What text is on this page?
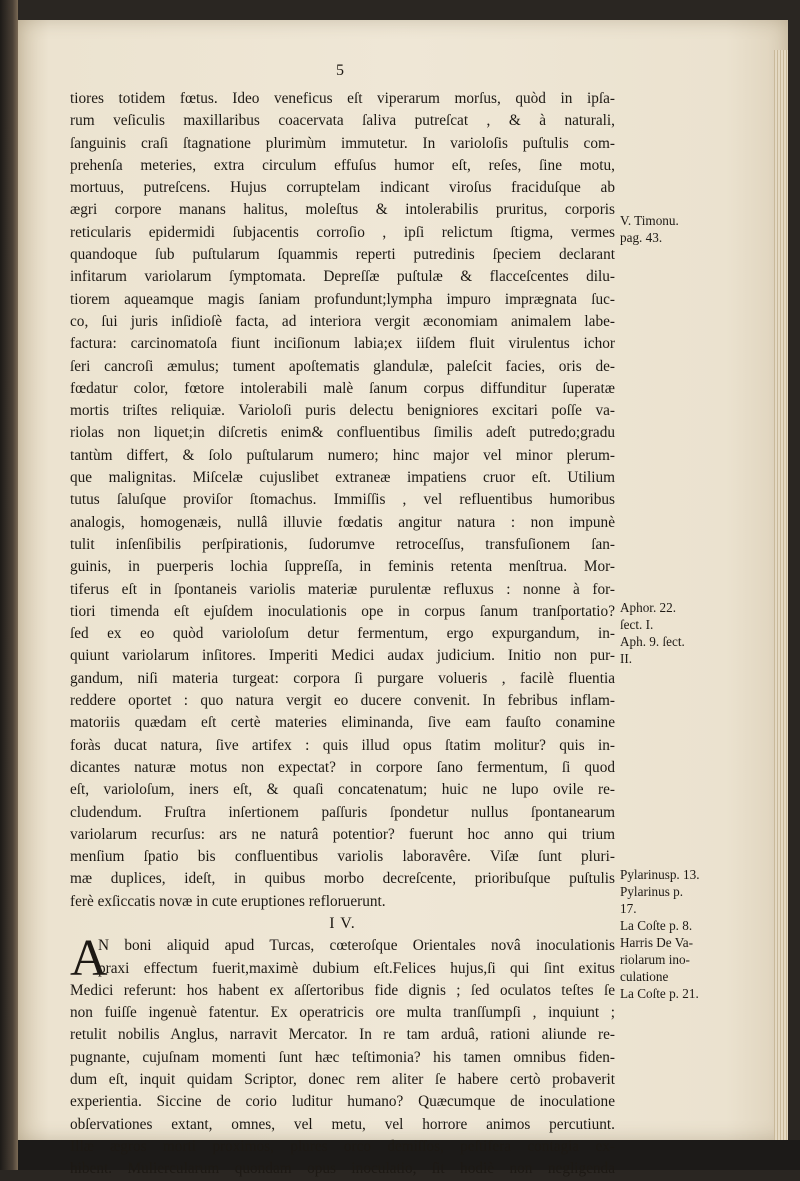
5
tiores totidem fœtus. Ideo veneficus eſt viperarum morſus, quòd in ipſa-
rum veſiculis maxillaribus coacervata ſaliva putreſcat , & à naturali,
ſanguinis craſi ſtagnatione plurimùm immutetur. In varioloſis puſtulis com-
prehenſa meteries, extra circulum effuſus humor eſt, reſes, ſine motu,
mortuus, putreſcens. Hujus corruptelam indicant viroſus fraciduſque ab
ægri corpore manans halitus, moleſtus & intolerabilis pruritus, corporis
reticularis epidermidi ſubjacentis corroſio , ipſi relictum ſtigma, vermes
quandoque ſub puſtularum ſquammis reperti putredinis ſpeciem declarant
infitarum variolarum ſymptomata. Depreſſæ puſtulæ & flacceſcentes dilu-
tiorem aqueamque magis ſaniam profundunt;lympha impuro imprægnata ſuc-
co, ſui juris inſidioſè facta, ad interiora vergit æconomiam animalem labe-
factura: carcinomatoſa fiunt inciſionum labia;ex iiſdem fluit virulentus ichor
ſeri cancroſi æmulus; tument apoſtematis glandulæ, paleſcit facies, oris de-
fœdatur color, fœtore intolerabili malè ſanum corpus diffunditur ſuperatæ
mortis triſtes reliquiæ. Varioloſi puris delectu benigniores excitari poſſe va-
riolas non liquet;in diſcretis enim& confluentibus ſimilis adeſt putredo;gradu
tantùm differt, & ſolo puſtularum numero; hinc major vel minor plerum-
que malignitas. Miſcelæ cujuslibet extraneæ impatiens cruor eſt. Utilium
tutus ſaluſque proviſor ſtomachus. Immiſſis , vel refluentibus humoribus
analogis, homogenæis, nullâ illuvie fœdatis angitur natura : non impunè
tulit inſenſibilis perſpirationis, ſudorumve retroceſſus, transfuſionem ſan-
guinis, in puerperis lochia ſuppreſſa, in feminis retenta menſtrua. Mor-
tiferus eſt in ſpontaneis variolis materiæ purulentæ refluxus : nonne à for-
tiori timenda eſt ejuſdem inoculationis ope in corpus ſanum tranſportatio?
ſed ex eo quòd varioloſum detur fermentum, ergo expurgandum, in-
quiunt variolarum inſitores. Imperiti Medici audax judicium. Initio non pur-
gandum, niſi materia turgeat: corpora ſi purgare volueris , facilè fluentia
reddere oportet : quo natura vergit eo ducere convenit. In febribus inflam-
matoriis quædam eſt certè materies eliminanda, ſive eam fauſto conamine
foràs ducat natura, ſive artifex : quis illud opus ſtatim molitur? quis in-
dicantes naturæ motus non expectat? in corpore ſano fermentum, ſi quod
eſt, varioloſum, iners eſt, & quaſi concatenatum; huic ne lupo ovile re-
cludendum. Fruſtra inſertionem paſſuris ſpondetur nullus ſpontanearum
variolarum recurſus: ars ne naturâ potentior? fuerunt hoc anno qui trium
menſium ſpatio bis confluentibus variolis laboravêre. Viſæ ſunt pluri-
mæ duplices, ideſt, in quibus morbo decreſcente, prioribuſque puſtulis
ferè exſiccatis novæ in cute eruptiones refloruerunt.
I V.
A
N boni aliquid apud Turcas, cœteroſque Orientales novâ inoculationis
praxi effectum fuerit,maximè dubium eſt.Felices hujus,ſi qui ſint exitus
Medici referunt: hos habent ex aſſertoribus fide dignis ; ſed oculatos teſtes ſe
non fuiſſe ingenuè fatentur. Ex operatricis ore multa tranſſumpſi , inquiunt ;
retulit nobilis Anglus, narravit Mercator. In re tam arduâ, rationi aliunde re-
pugnante, cujuſnam momenti ſunt hæc teſtimonia? his tamen omnibus fiden-
dum eſt, inquit quidam Scriptor, donec rem aliter ſe habere certò probaverit
experientia. Siccine de corio luditur humano? Quæcumque de inoculatione
obſervationes extant, omnes, vel metu, vel horrore animos percutiunt.
Illæ ægros morti proximos, plures orco demiſſos, peſtifera contagia ex-
hibent. Muliercularum quondam opus inoculatio, ſit hodiè non negligenda
V. Timonu.
pag. 43.
Aphor. 22.
ſect. I.
Aph. 9. ſect.
II.
Pylarinusp. 13.
Pylarinus p.
17.
La Coſte p. 8.
Harris De Va-
riolarum ino-
culatione
La Coſte p. 21.
